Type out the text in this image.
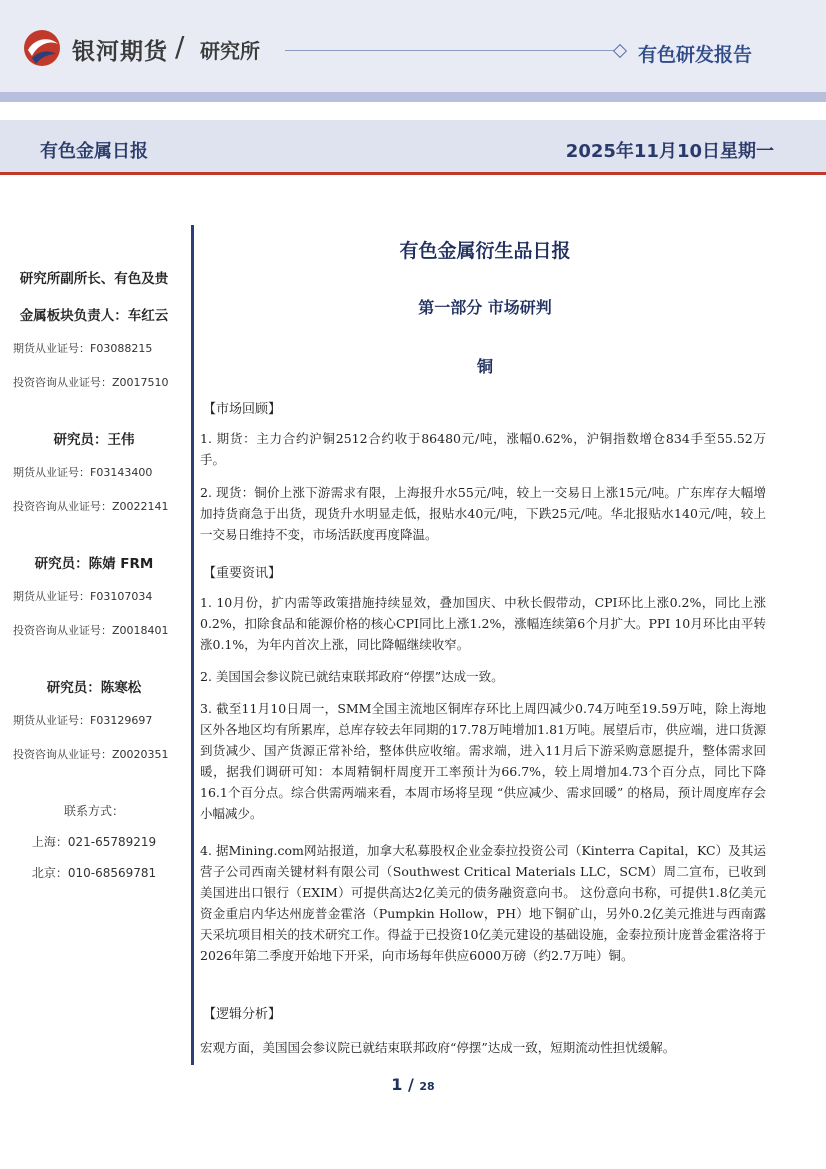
银河期货 / 研究所	有色研发报告
有色金属日报	2025年11月10日星期一

研究所副所长、有色及贵

金属板块负责人：车红云

期货从业证号：F03088215

投资咨询从业证号：Z0017510

研究员：王伟

期货从业证号：F03143400

投资咨询从业证号：Z0022141

研究员：陈婧 FRM

期货从业证号：F03107034

投资咨询从业证号：Z0018401

研究员：陈寒松

期货从业证号：F03129697

投资咨询从业证号：Z0020351

联系方式：

上海：021-65789219

北京：010-68569781

有色金属衍生品日报

第一部分 市场研判

铜

【市场回顾】

1. 期货：主力合约沪铜2512合约收于86480元/吨，涨幅0.62%，沪铜指数增仓834手至55.52万手。

2. 现货：铜价上涨下游需求有限，上海报升水55元/吨，较上一交易日上涨15元/吨。广东库存大幅增加持货商急于出货，现货升水明显走低，报贴水40元/吨，下跌25元/吨。华北报贴水140元/吨，较上一交易日维持不变，市场活跃度再度降温。

【重要资讯】

1. 10月份，扩内需等政策措施持续显效，叠加国庆、中秋长假带动，CPI环比上涨0.2%，同比上涨0.2%，扣除食品和能源价格的核心CPI同比上涨1.2%，涨幅连续第6个月扩大。PPI 10月环比由平转涨0.1%，为年内首次上涨，同比降幅继续收窄。

2. 美国国会参议院已就结束联邦政府“停摆”达成一致。

3. 截至11月10日周一，SMM全国主流地区铜库存环比上周四减少0.74万吨至19.59万吨，除上海地区外各地区均有所累库，总库存较去年同期的17.78万吨增加1.81万吨。展望后市，供应端，进口货源到货减少、国产货源正常补给，整体供应收缩。需求端，进入11月后下游采购意愿提升，整体需求回暖，据我们调研可知：本周精铜杆周度开工率预计为66.7%，较上周增加4.73个百分点，同比下降16.1个百分点。综合供需两端来看，本周市场将呈现 “供应减少、需求回暖” 的格局，预计周度库存会小幅减少。

4. 据Mining.com网站报道，加拿大私募股权企业金泰拉投资公司（Kinterra Capital，KC）及其运营子公司西南关键材料有限公司（Southwest Critical Materials LLC，SCM）周二宣布，已收到美国进出口银行（EXIM）可提供高达2亿美元的债务融资意向书。 这份意向书称，可提供1.8亿美元资金重启内华达州庞普金霍洛（Pumpkin Hollow，PH）地下铜矿山，另外0.2亿美元推进与西南露天采坑项目相关的技术研究工作。得益于已投资10亿美元建设的基础设施，金泰拉预计庞普金霍洛将于2026年第二季度开始地下开采，向市场每年供应6000万磅（约2.7万吨）铜。

【逻辑分析】

宏观方面，美国国会参议院已就结束联邦政府“停摆”达成一致，短期流动性担忧缓解。

1 / 28
